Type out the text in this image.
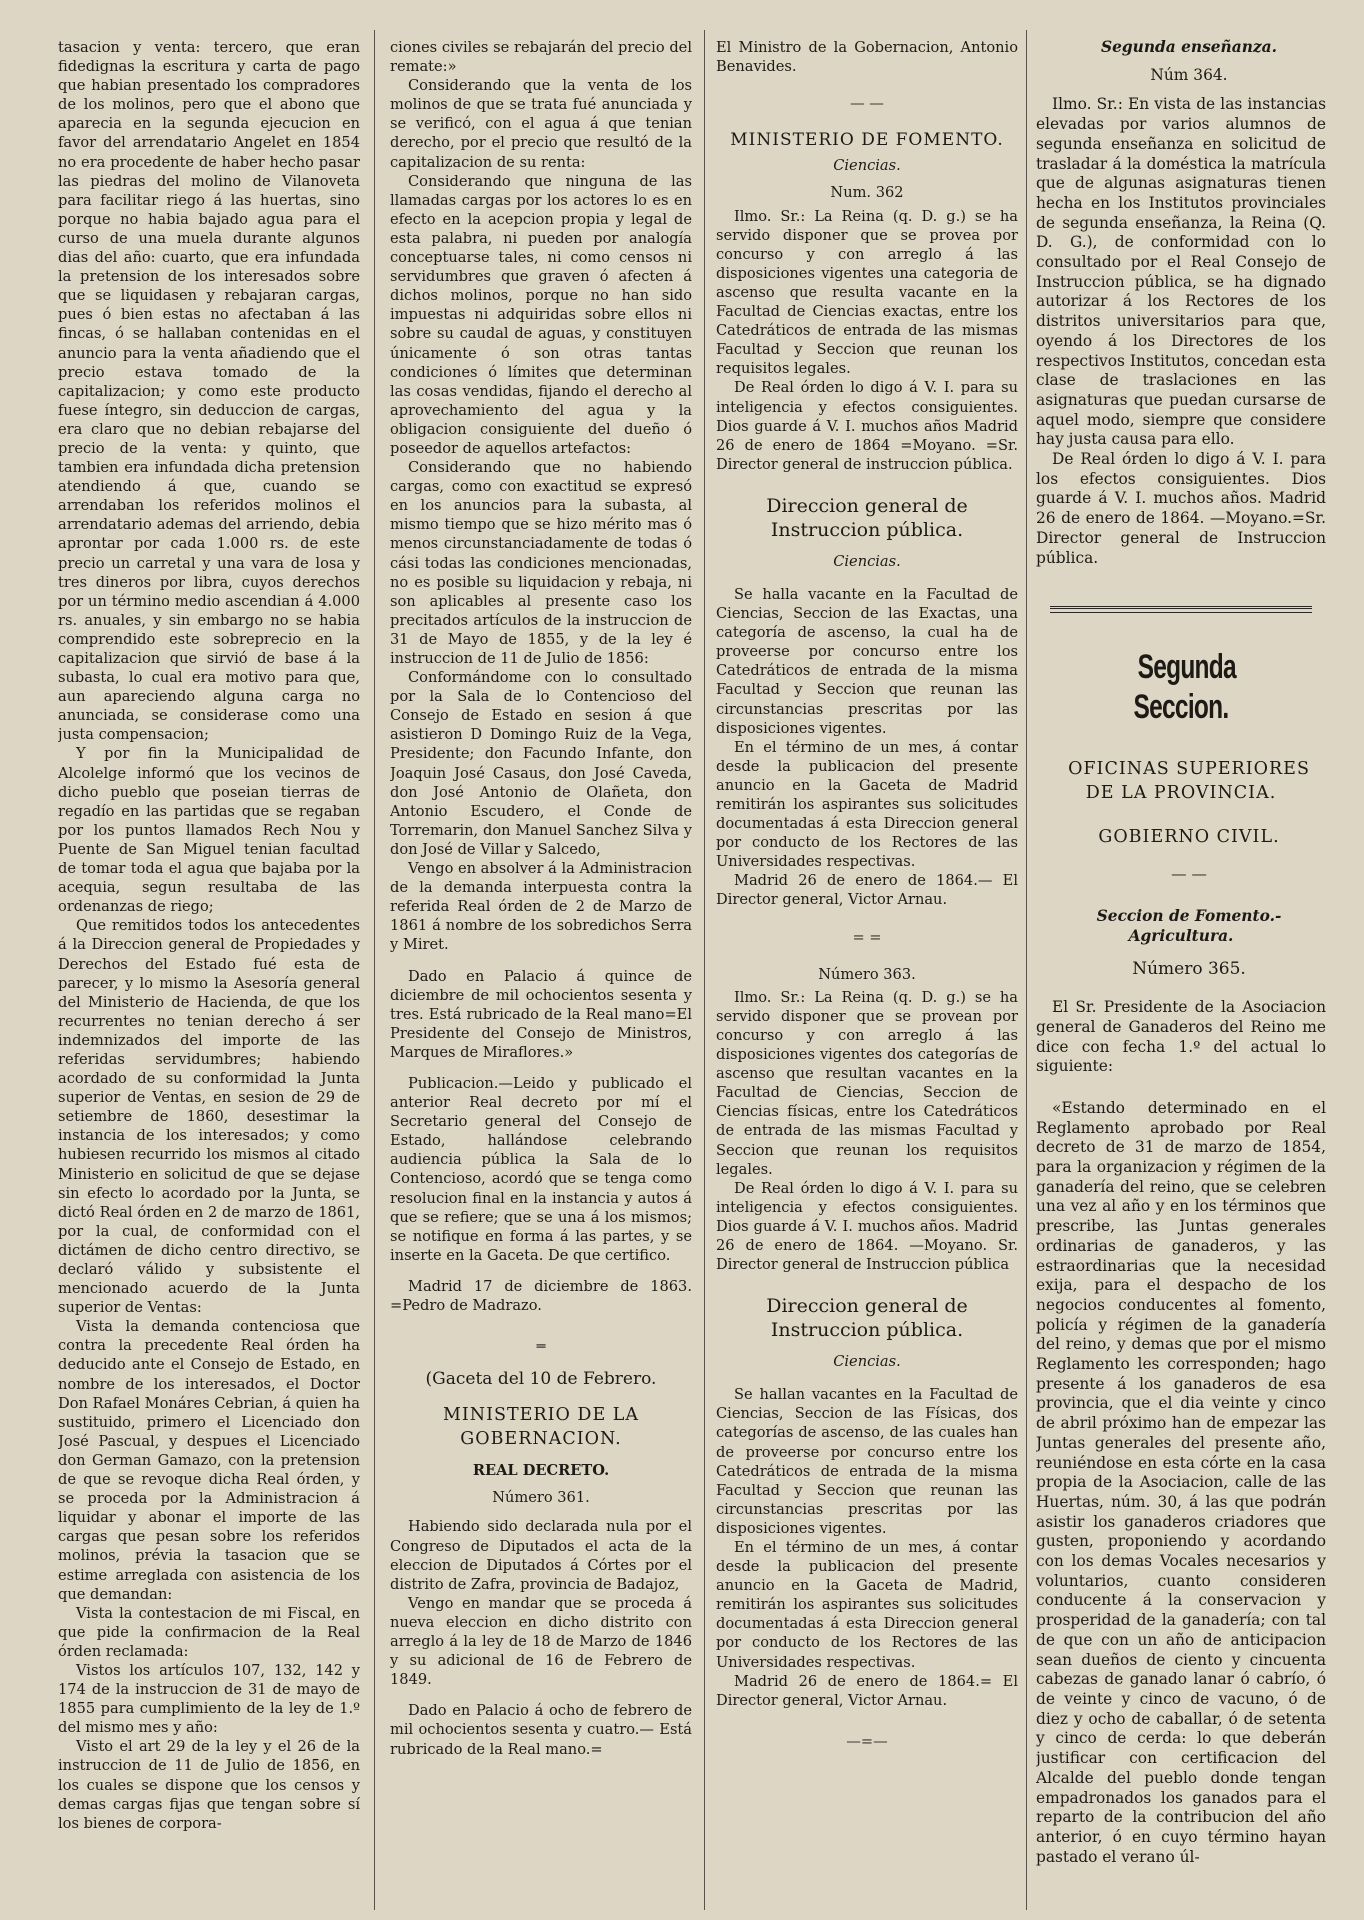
tasacion y venta: tercero, que eran fidedignas la escritura y carta de pago que habian presentado los compradores de los molinos, pero que el abono que aparecia en la segunda ejecucion en favor del arrendatario Angelet en 1854 no era procedente de haber hecho pasar las piedras del molino de Vilanoveta para facilitar riego á las huertas, sino porque no habia bajado agua para el curso de una muela durante algunos dias del año: cuarto, que era infundada la pretension de los interesados sobre que se liquidasen y rebajaran cargas, pues ó bien estas no afectaban á las fincas, ó se hallaban contenidas en el anuncio para la venta añadiendo que el precio estava tomado de la capitalizacion; y como este producto fuese íntegro, sin deduccion de cargas, era claro que no debian rebajarse del precio de la venta: y quinto, que tambien era infundada dicha pretension atendiendo á que, cuando se arrendaban los referidos molinos el arrendatario ademas del arriendo, debia aprontar por cada 1.000 rs. de este precio un carretal y una vara de losa y tres dineros por libra, cuyos derechos por un término medio ascendian á 4.000 rs. anuales, y sin embargo no se habia comprendido este sobreprecio en la capitalizacion que sirvió de base á la subasta, lo cual era motivo para que, aun apareciendo alguna carga no anunciada, se considerase como una justa compensacion;

Y por fin la Municipalidad de Alcolelge informó que los vecinos de dicho pueblo que poseian tierras de regadío en las partidas que se regaban por los puntos llamados Rech Nou y Puente de San Miguel tenian facultad de tomar toda el agua que bajaba por la acequia, segun resultaba de las ordenanzas de riego;

Que remitidos todos los antecedentes á la Direccion general de Propiedades y Derechos del Estado fué esta de parecer, y lo mismo la Asesoría general del Ministerio de Hacienda, de que los recurrentes no tenian derecho á ser indemnizados del importe de las referidas servidumbres; habiendo acordado de su conformidad la Junta superior de Ventas, en sesion de 29 de setiembre de 1860, desestimar la instancia de los interesados; y como hubiesen recurrido los mismos al citado Ministerio en solicitud de que se dejase sin efecto lo acordado por la Junta, se dictó Real órden en 2 de marzo de 1861, por la cual, de conformidad con el dictámen de dicho centro directivo, se declaró válido y subsistente el mencionado acuerdo de la Junta superior de Ventas:

Vista la demanda contenciosa que contra la precedente Real órden ha deducido ante el Consejo de Estado, en nombre de los interesados, el Doctor Don Rafael Monáres Cebrian, á quien ha sustituido, primero el Licenciado don José Pascual, y despues el Licenciado don German Gamazo, con la pretension de que se revoque dicha Real órden, y se proceda por la Administracion á liquidar y abonar el importe de las cargas que pesan sobre los referidos molinos, prévia la tasacion que se estime arreglada con asistencia de los que demandan:

Vista la contestacion de mi Fiscal, en que pide la confirmacion de la Real órden reclamada:

Vistos los artículos 107, 132, 142 y 174 de la instruccion de 31 de mayo de 1855 para cumplimiento de la ley de 1.º del mismo mes y año:

Visto el art 29 de la ley y el 26 de la instruccion de 11 de Julio de 1856, en los cuales se dispone que los censos y demas cargas fijas que tengan sobre sí los bienes de corpora-

ciones civiles se rebajarán del precio del remate:»

Considerando que la venta de los molinos de que se trata fué anunciada y se verificó, con el agua á que tenian derecho, por el precio que resultó de la capitalizacion de su renta:

Considerando que ninguna de las llamadas cargas por los actores lo es en efecto en la acepcion propia y legal de esta palabra, ni pueden por analogía conceptuarse tales, ni como censos ni servidumbres que graven ó afecten á dichos molinos, porque no han sido impuestas ni adquiridas sobre ellos ni sobre su caudal de aguas, y constituyen únicamente ó son otras tantas condiciones ó límites que determinan las cosas vendidas, fijando el derecho al aprovechamiento del agua y la obligacion consiguiente del dueño ó poseedor de aquellos artefactos:

Considerando que no habiendo cargas, como con exactitud se expresó en los anuncios para la subasta, al mismo tiempo que se hizo mérito mas ó menos circunstanciadamente de todas ó cási todas las condiciones mencionadas, no es posible su liquidacion y rebaja, ni son aplicables al presente caso los precitados artículos de la instruccion de 31 de Mayo de 1855, y de la ley é instruccion de 11 de Julio de 1856:

Conformándome con lo consultado por la Sala de lo Contencioso del Consejo de Estado en sesion á que asistieron D Domingo Ruiz de la Vega, Presidente; don Facundo Infante, don Joaquin José Casaus, don José Caveda, don José Antonio de Olañeta, don Antonio Escudero, el Conde de Torremarin, don Manuel Sanchez Silva y don José de Villar y Salcedo,

Vengo en absolver á la Administracion de la demanda interpuesta contra la referida Real órden de 2 de Marzo de 1861 á nombre de los sobredichos Serra y Miret.

Dado en Palacio á quince de diciembre de mil ochocientos sesenta y tres. Está rubricado de la Real mano=El Presidente del Consejo de Ministros, Marques de Miraflores.»

Publicacion.—Leido y publicado el anterior Real decreto por mí el Secretario general del Consejo de Estado, hallándose celebrando audiencia pública la Sala de lo Contencioso, acordó que se tenga como resolucion final en la instancia y autos á que se refiere; que se una á los mismos; se notifique en forma á las partes, y se inserte en la Gaceta. De que certifico.

Madrid 17 de diciembre de 1863. =Pedro de Madrazo.

═

(Gaceta del 10 de Febrero.

MINISTERIO DE LA GOBERNACION.

REAL DECRETO.

Número 361.

Habiendo sido declarada nula por el Congreso de Diputados el acta de la eleccion de Diputados á Córtes por el distrito de Zafra, provincia de Badajoz,

Vengo en mandar que se proceda á nueva eleccion en dicho distrito con arreglo á la ley de 18 de Marzo de 1846 y su adicional de 16 de Febrero de 1849.

Dado en Palacio á ocho de febrero de mil ochocientos sesenta y cuatro.— Está rubricado de la Real mano.=

El Ministro de la Gobernacion, Antonio Benavides.

— —

MINISTERIO DE FOMENTO.

Ciencias.

Num. 362

Ilmo. Sr.: La Reina (q. D. g.) se ha servido disponer que se provea por concurso y con arreglo á las disposiciones vigentes una categoria de ascenso que resulta vacante en la Facultad de Ciencias exactas, entre los Catedráticos de entrada de las mismas Facultad y Seccion que reunan los requisitos legales.

De Real órden lo digo á V. I. para su inteligencia y efectos consiguientes. Dios guarde á V. I. muchos años Madrid 26 de enero de 1864 =Moyano. =Sr. Director general de instruccion pública.

Direccion general de Instruccion pública.

Ciencias.

Se halla vacante en la Facultad de Ciencias, Seccion de las Exactas, una categoría de ascenso, la cual ha de proveerse por concurso entre los Catedráticos de entrada de la misma Facultad y Seccion que reunan las circunstancias prescritas por las disposiciones vigentes.

En el término de un mes, á contar desde la publicacion del presente anuncio en la Gaceta de Madrid remitirán los aspirantes sus solicitudes documentadas á esta Direccion general por conducto de los Rectores de las Universidades respectivas.

Madrid 26 de enero de 1864.— El Director general, Victor Arnau.

= =

Número 363.

Ilmo. Sr.: La Reina (q. D. g.) se ha servido disponer que se provean por concurso y con arreglo á las disposiciones vigentes dos categorías de ascenso que resultan vacantes en la Facultad de Ciencias, Seccion de Ciencias físicas, entre los Catedráticos de entrada de las mismas Facultad y Seccion que reunan los requisitos legales.

De Real órden lo digo á V. I. para su inteligencia y efectos consiguientes. Dios guarde á V. I. muchos años. Madrid 26 de enero de 1864. —Moyano. Sr. Director general de Instruccion pública

Direccion general de Instruccion pública.

Ciencias.

Se hallan vacantes en la Facultad de Ciencias, Seccion de las Físicas, dos categorías de ascenso, de las cuales han de proveerse por concurso entre los Catedráticos de entrada de la misma Facultad y Seccion que reunan las circunstancias prescritas por las disposiciones vigentes.

En el término de un mes, á contar desde la publicacion del presente anuncio en la Gaceta de Madrid, remitirán los aspirantes sus solicitudes documentadas á esta Direccion general por conducto de los Rectores de las Universidades respectivas.

Madrid 26 de enero de 1864.= El Director general, Victor Arnau.

—=—

Segunda enseñanza.

Núm 364.

Ilmo. Sr.: En vista de las instancias elevadas por varios alumnos de segunda enseñanza en solicitud de trasladar á la doméstica la matrícula que de algunas asignaturas tienen hecha en los Institutos provinciales de segunda enseñanza, la Reina (Q. D. G.), de conformidad con lo consultado por el Real Consejo de Instruccion pública, se ha dignado autorizar á los Rectores de los distritos universitarios para que, oyendo á los Directores de los respectivos Institutos, concedan esta clase de traslaciones en las asignaturas que puedan cursarse de aquel modo, siempre que considere hay justa causa para ello.

De Real órden lo digo á V. I. para los efectos consiguientes. Dios guarde á V. I. muchos años. Madrid 26 de enero de 1864. —Moyano.=Sr. Director general de Instruccion pública.

Segunda Seccion.

OFICINAS SUPERIORES DE LA PROVINCIA.

GOBIERNO CIVIL.

— —

Seccion de Fomento.-Agricultura.

Número 365.

El Sr. Presidente de la Asociacion general de Ganaderos del Reino me dice con fecha 1.º del actual lo siguiente:

«Estando determinado en el Reglamento aprobado por Real decreto de 31 de marzo de 1854, para la organizacion y régimen de la ganadería del reino, que se celebren una vez al año y en los términos que prescribe, las Juntas generales ordinarias de ganaderos, y las estraordinarias que la necesidad exija, para el despacho de los negocios conducentes al fomento, policía y régimen de la ganadería del reino, y demas que por el mismo Reglamento les corresponden; hago presente á los ganaderos de esa provincia, que el dia veinte y cinco de abril próximo han de empezar las Juntas generales del presente año, reuniéndose en esta córte en la casa propia de la Asociacion, calle de las Huertas, núm. 30, á las que podrán asistir los ganaderos criadores que gusten, proponiendo y acordando con los demas Vocales necesarios y voluntarios, cuanto consideren conducente á la conservacion y prosperidad de la ganadería; con tal de que con un año de anticipacion sean dueños de ciento y cincuenta cabezas de ganado lanar ó cabrío, ó de veinte y cinco de vacuno, ó de diez y ocho de caballar, ó de setenta y cinco de cerda: lo que deberán justificar con certificacion del Alcalde del pueblo donde tengan empadronados los ganados para el reparto de la contribucion del año anterior, ó en cuyo término hayan pastado el verano úl-
